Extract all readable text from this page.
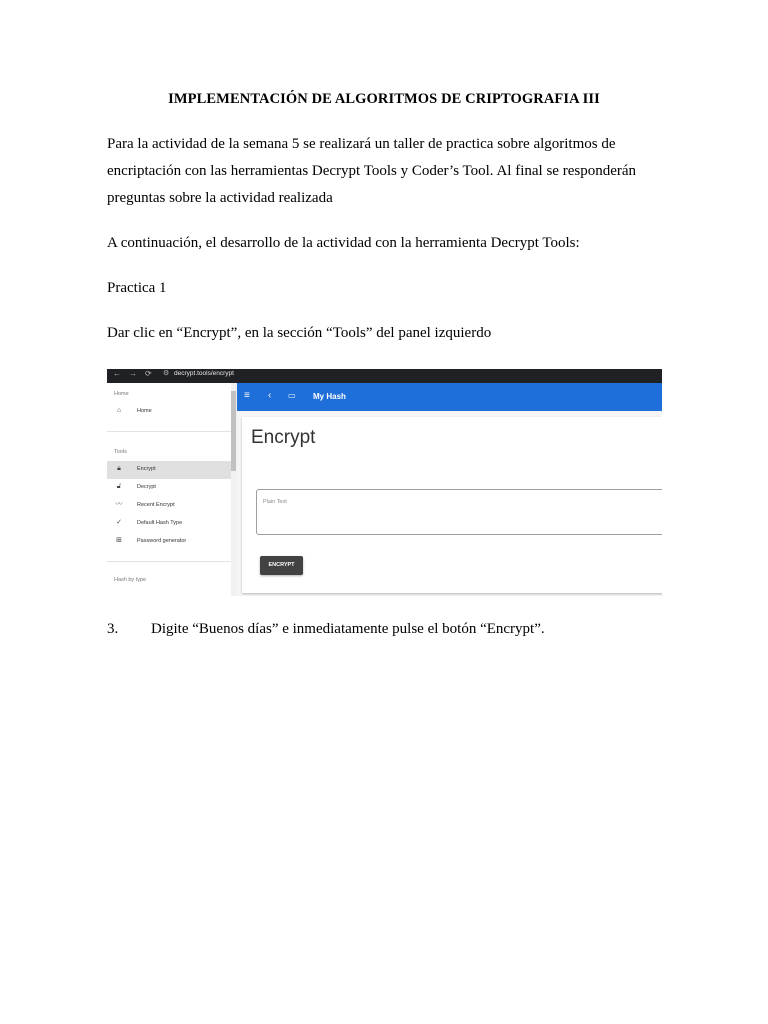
IMPLEMENTACIÓN DE ALGORITMOS DE CRIPTOGRAFIA III
Para la actividad de la semana 5 se realizará un taller de practica sobre algoritmos de encriptación con las herramientas Decrypt Tools y Coder’s Tool. Al final se responderán preguntas sobre la actividad realizada
A continuación, el desarrollo de la actividad con la herramienta Decrypt Tools:
Practica 1
Dar clic en “Encrypt”, en la sección “Tools” del panel izquierdo
← → ⟳ ⚙ decrypt.tools/encrypt
Home
⌂	Home
Tools
🔒︎	Encrypt
🔓︎	Decrypt
〰	Recent Encrypt
✓	Default Hash Type
⊞	Password generator
Hash by type
≡ ‹ ▭ My Hash
Encrypt
Plain Text
ENCRYPT
3. Digite “Buenos días” e inmediatamente pulse el botón “Encrypt”.
